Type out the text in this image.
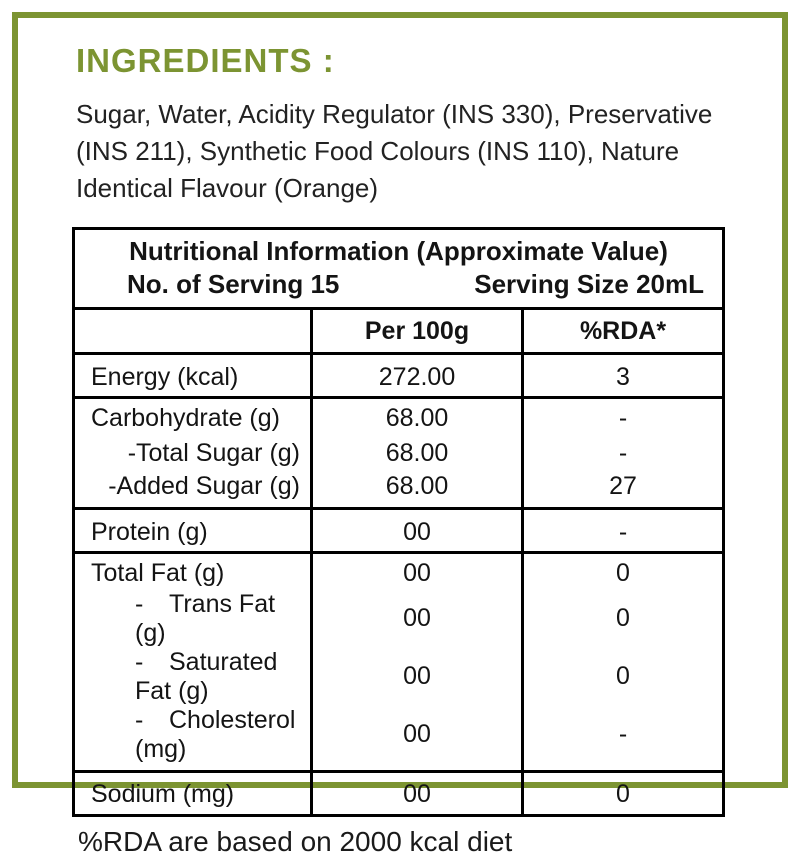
INGREDIENTS :

Sugar, Water, Acidity Regulator (INS 330), Preservative (INS 211), Synthetic Food Colours (INS 110), Nature Identical Flavour (Orange)

Nutritional Information (Approximate Value)
No. of Serving 15 Serving Size 20mL		

	Per 100g	%RDA*
Energy (kcal)	272.00	3
Carbohydrate (g)	68.00	-
-Total Sugar (g)	68.00	-
-Added Sugar (g)	68.00	27
Protein (g)	00	-
Total Fat (g)	00	0
- Trans Fat (g)	00	0
- Saturated Fat (g)	00	0
- Cholesterol (mg)	00	-
Sodium (mg)	00	0

%RDA are based on 2000 kcal diet
